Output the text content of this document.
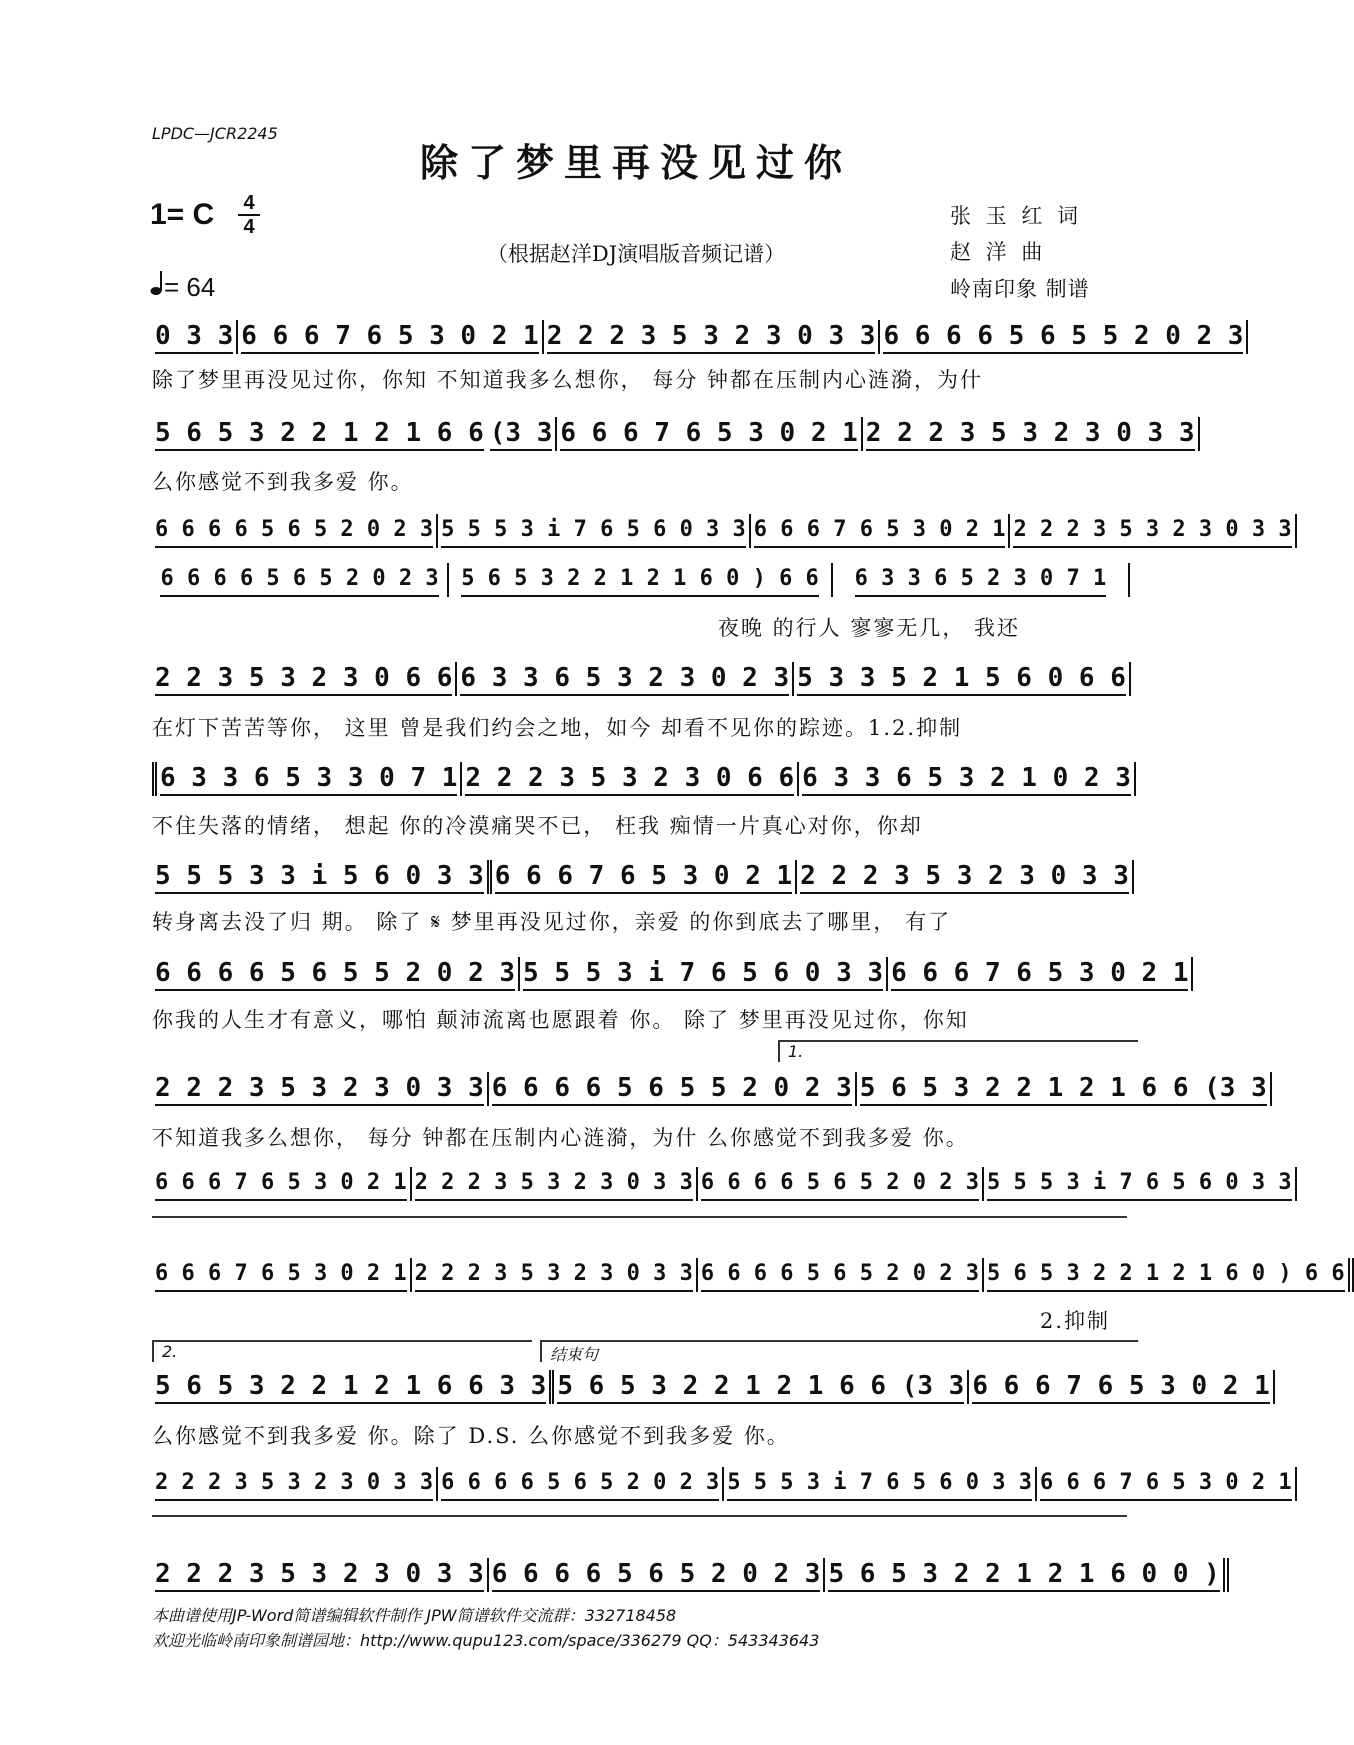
LPDC—JCR2245
除了梦里再没见过你
1= C	4
4
= 64
（根据赵洋DJ演唱版音频记谱）
张 玉 红 词
赵 洋 曲
岭南印象 制谱
0 3 3 6 6 6 7 6 5 3 0 2 1 2 2 2 3 5 3 2 3 0 3 3 6 6 6 6 5 6 5 5 2 0 2 3
除了梦里再没见过你，你知 不知道我多么想你， 每分 钟都在压制内心涟漪，为什
5 6 5 3 2 2 1 2 1 6 6 (3 3 6 6 6 7 6 5 3 0 2 1 2 2 2 3 5 3 2 3 0 3 3
么你感觉不到我多爱 你。
6 6 6 6 5 6 5 2 0 2 3 5 5 5 3 i 7 6 5 6 0 3 3 6 6 6 7 6 5 3 0 2 1 2 2 2 3 5 3 2 3 0 3 3
6 6 6 6 5 6 5 2 0 2 3 5 6 5 3 2 2 1 2 1 6 0 ) 6 6 6 3 3 6 5 2 3 0 7 1
夜晚 的行人 寥寥无几， 我还
2 2 3 5 3 2 3 0 6 6 6 3 3 6 5 3 2 3 0 2 3 5 3 3 5 2 1 5 6 0 6 6
在灯下苦苦等你， 这里 曾是我们约会之地，如今 却看不见你的踪迹。1.2.抑制
6 3 3 6 5 3 3 0 7 1 2 2 2 3 5 3 2 3 0 6 6 6 3 3 6 5 3 2 1 0 2 3
不住失落的情绪， 想起 你的冷漠痛哭不已， 枉我 痴情一片真心对你，你却
5 5 5 3 3 i 5 6 0 3 3 6 6 6 7 6 5 3 0 2 1 2 2 2 3 5 3 2 3 0 3 3
转身离去没了归 期。 除了 𝄋 梦里再没见过你，亲爱 的你到底去了哪里， 有了
6 6 6 6 5 6 5 5 2 0 2 3 5 5 5 3 i 7 6 5 6 0 3 3 6 6 6 7 6 5 3 0 2 1
你我的人生才有意义，哪怕 颠沛流离也愿跟着 你。 除了 梦里再没见过你，你知
1.
2 2 2 3 5 3 2 3 0 3 3 6 6 6 6 5 6 5 5 2 0 2 3 5 6 5 3 2 2 1 2 1 6 6 (3 3
不知道我多么想你， 每分 钟都在压制内心涟漪，为什 么你感觉不到我多爱 你。
6 6 6 7 6 5 3 0 2 1 2 2 2 3 5 3 2 3 0 3 3 6 6 6 6 5 6 5 2 0 2 3 5 5 5 3 i 7 6 5 6 0 3 3
6 6 6 7 6 5 3 0 2 1 2 2 2 3 5 3 2 3 0 3 3 6 6 6 6 5 6 5 2 0 2 3 5 6 5 3 2 2 1 2 1 6 0 ) 6 6
2.抑制
2.	结束句
5 6 5 3 2 2 1 2 1 6 6 3 3 5 6 5 3 2 2 1 2 1 6 6 (3 3 6 6 6 7 6 5 3 0 2 1
么你感觉不到我多爱 你。除了 D.S. 么你感觉不到我多爱 你。
2 2 2 3 5 3 2 3 0 3 3 6 6 6 6 5 6 5 2 0 2 3 5 5 5 3 i 7 6 5 6 0 3 3 6 6 6 7 6 5 3 0 2 1
2 2 2 3 5 3 2 3 0 3 3 6 6 6 6 5 6 5 2 0 2 3 5 6 5 3 2 2 1 2 1 6 0 0 )
本曲谱使用JP-Word简谱编辑软件制作 JPW简谱软件交流群：332718458
欢迎光临岭南印象制谱园地：http://www.qupu123.com/space/336279 QQ：543343643
